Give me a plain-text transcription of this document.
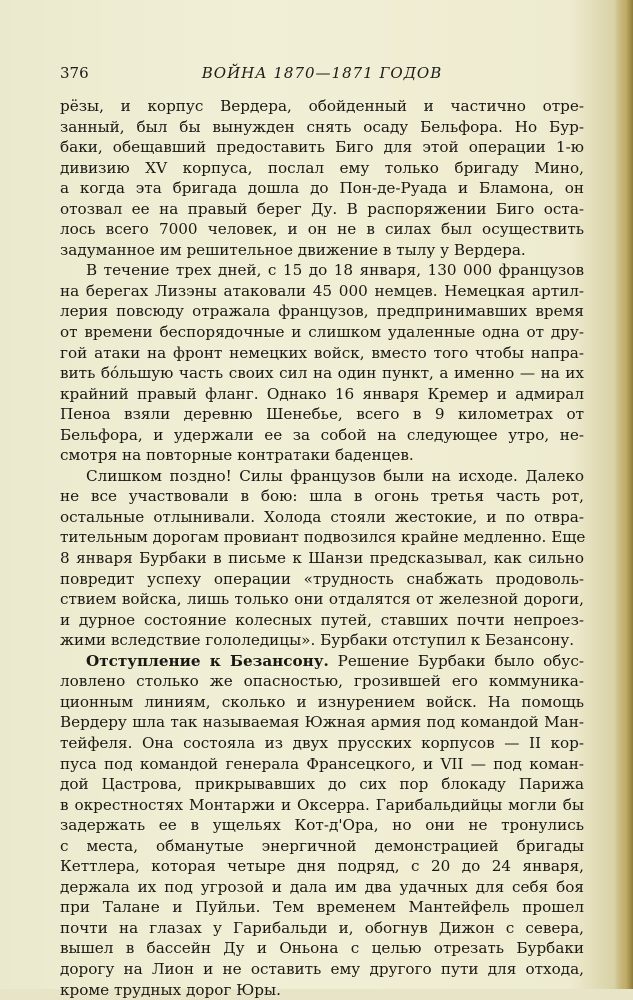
376	ВОЙНА 1870—1871 ГОДОВ
рёзы, и корпус Вердера, обойденный и частично отре-
занный, был бы вынужден снять осаду Бельфора. Но Бур-
баки, обещавший предоставить Биго для этой операции 1-ю
дивизию XV корпуса, послал ему только бригаду Мино,
а когда эта бригада дошла до Пон-де-Руада и Бламона, он
отозвал ее на правый берег Ду. В распоряжении Биго оста-
лось всего 7000 человек, и он не в силах был осуществить
задуманное им решительное движение в тылу у Вердера.
В течение трех дней, с 15 до 18 января, 130 000 французов
на берегах Лизэны атаковали 45 000 немцев. Немецкая артил-
лерия повсюду отражала французов, предпринимавших время
от времени беспорядочные и слишком удаленные одна от дру-
гой атаки на фронт немецких войск, вместо того чтобы напра-
вить бóльшую часть своих сил на один пункт, а именно — на их
крайний правый фланг. Однако 16 января Кремер и адмирал
Пеноа взяли деревню Шенебье, всего в 9 километрах от
Бельфора, и удержали ее за собой на следующее утро, не-
смотря на повторные контратаки баденцев.
Слишком поздно! Силы французов были на исходе. Далеко
не все участвовали в бою: шла в огонь третья часть рот,
остальные отлынивали. Холода стояли жестокие, и по отвра-
тительным дорогам провиант подвозился крайне медленно. Еще
8 января Бурбаки в письме к Шанзи предсказывал, как сильно
повредит успеху операции «трудность снабжать продоволь-
ствием войска, лишь только они отдалятся от железной дороги,
и дурное состояние колесных путей, ставших почти непроез-
жими вследствие гололедицы». Бурбаки отступил к Безансону.
Отступление к Безансону. Решение Бурбаки было обус-
ловлено столько же опасностью, грозившей его коммуника-
ционным линиям, сколько и изнурением войск. На помощь
Вердеру шла так называемая Южная армия под командой Ман-
тейфеля. Она состояла из двух прусских корпусов — II кор-
пуса под командой генерала Франсецкого, и VII — под коман-
дой Цастрова, прикрывавших до сих пор блокаду Парижа
в окрестностях Монтаржи и Оксерра. Гарибальдийцы могли бы
задержать ее в ущельях Кот-д'Ора, но они не тронулись
с места, обманутые энергичной демонстрацией бригады
Кеттлера, которая четыре дня подряд, с 20 до 24 января,
держала их под угрозой и дала им два удачных для себя боя
при Талане и Пуйльи. Тем временем Мантейфель прошел
почти на глазах у Гарибальди и, обогнув Дижон с севера,
вышел в бассейн Ду и Оньона с целью отрезать Бурбаки
дорогу на Лион и не оставить ему другого пути для отхода,
кроме трудных дорог Юры.
